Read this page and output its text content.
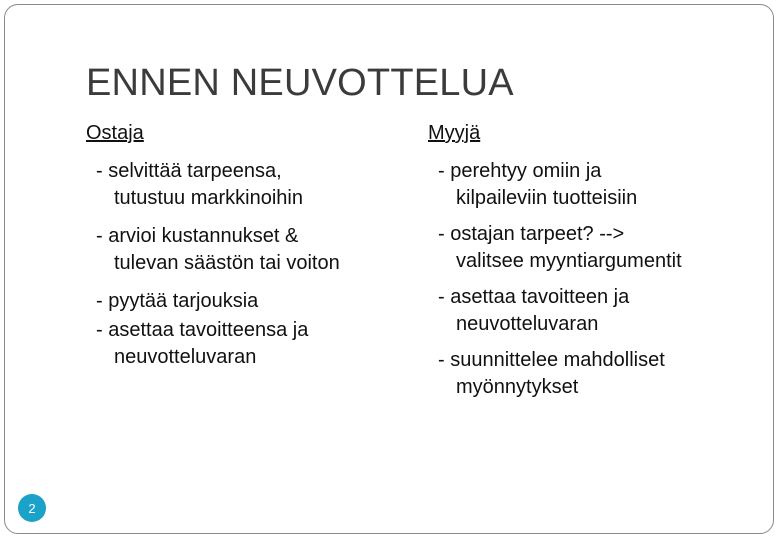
ENNEN NEUVOTTELUA
Ostaja	Myyjä
- selvittää tarpeensa,
tutustuu markkinoihin
- arvioi kustannukset &
tulevan säästön tai voiton
- pyytää tarjouksia
- asettaa tavoitteensa ja
neuvotteluvaran
- perehtyy omiin ja
kilpaileviin tuotteisiin
- ostajan tarpeet? -->
valitsee myyntiargumentit
- asettaa tavoitteen ja
neuvotteluvaran
- suunnittelee mahdolliset
myönnytykset
2
